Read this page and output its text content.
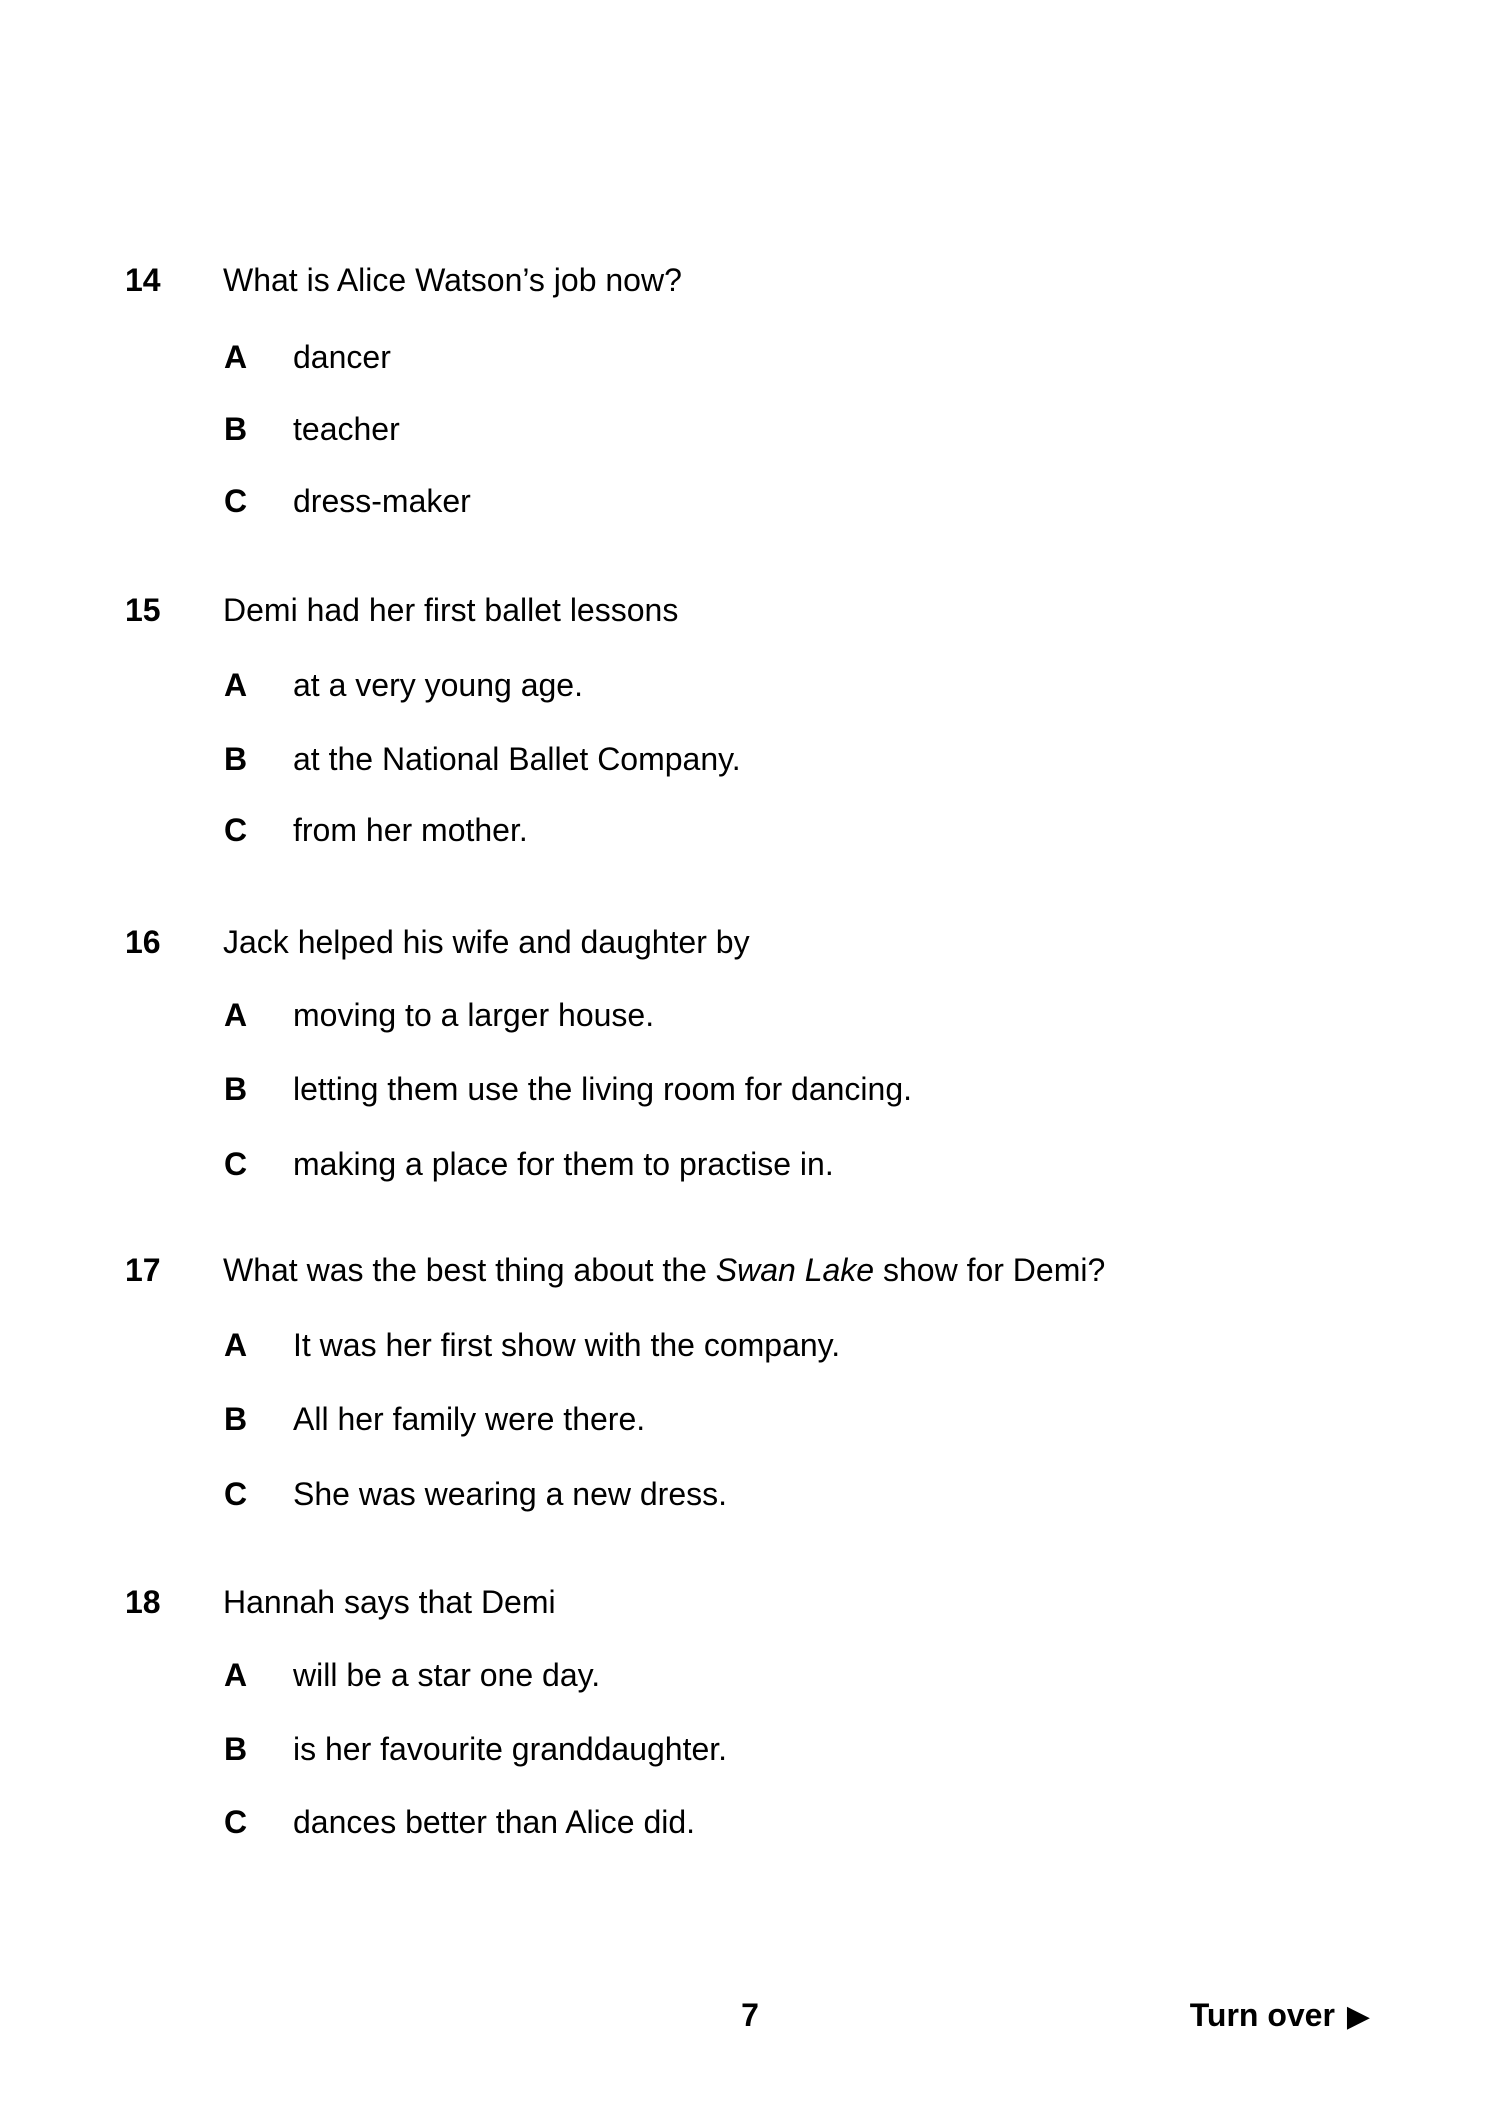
14 What is Alice Watson’s job now?
A dancer
B teacher
C dress-maker
15 Demi had her first ballet lessons
A at a very young age.
B at the National Ballet Company.
C from her mother.
16 Jack helped his wife and daughter by
A moving to a larger house.
B letting them use the living room for dancing.
C making a place for them to practise in.
17 What was the best thing about the Swan Lake show for Demi?
A It was her first show with the company.
B All her family were there.
C She was wearing a new dress.
18 Hannah says that Demi
A will be a star one day.
B is her favourite granddaughter.
C dances better than Alice did.
7	Turn over ▶
